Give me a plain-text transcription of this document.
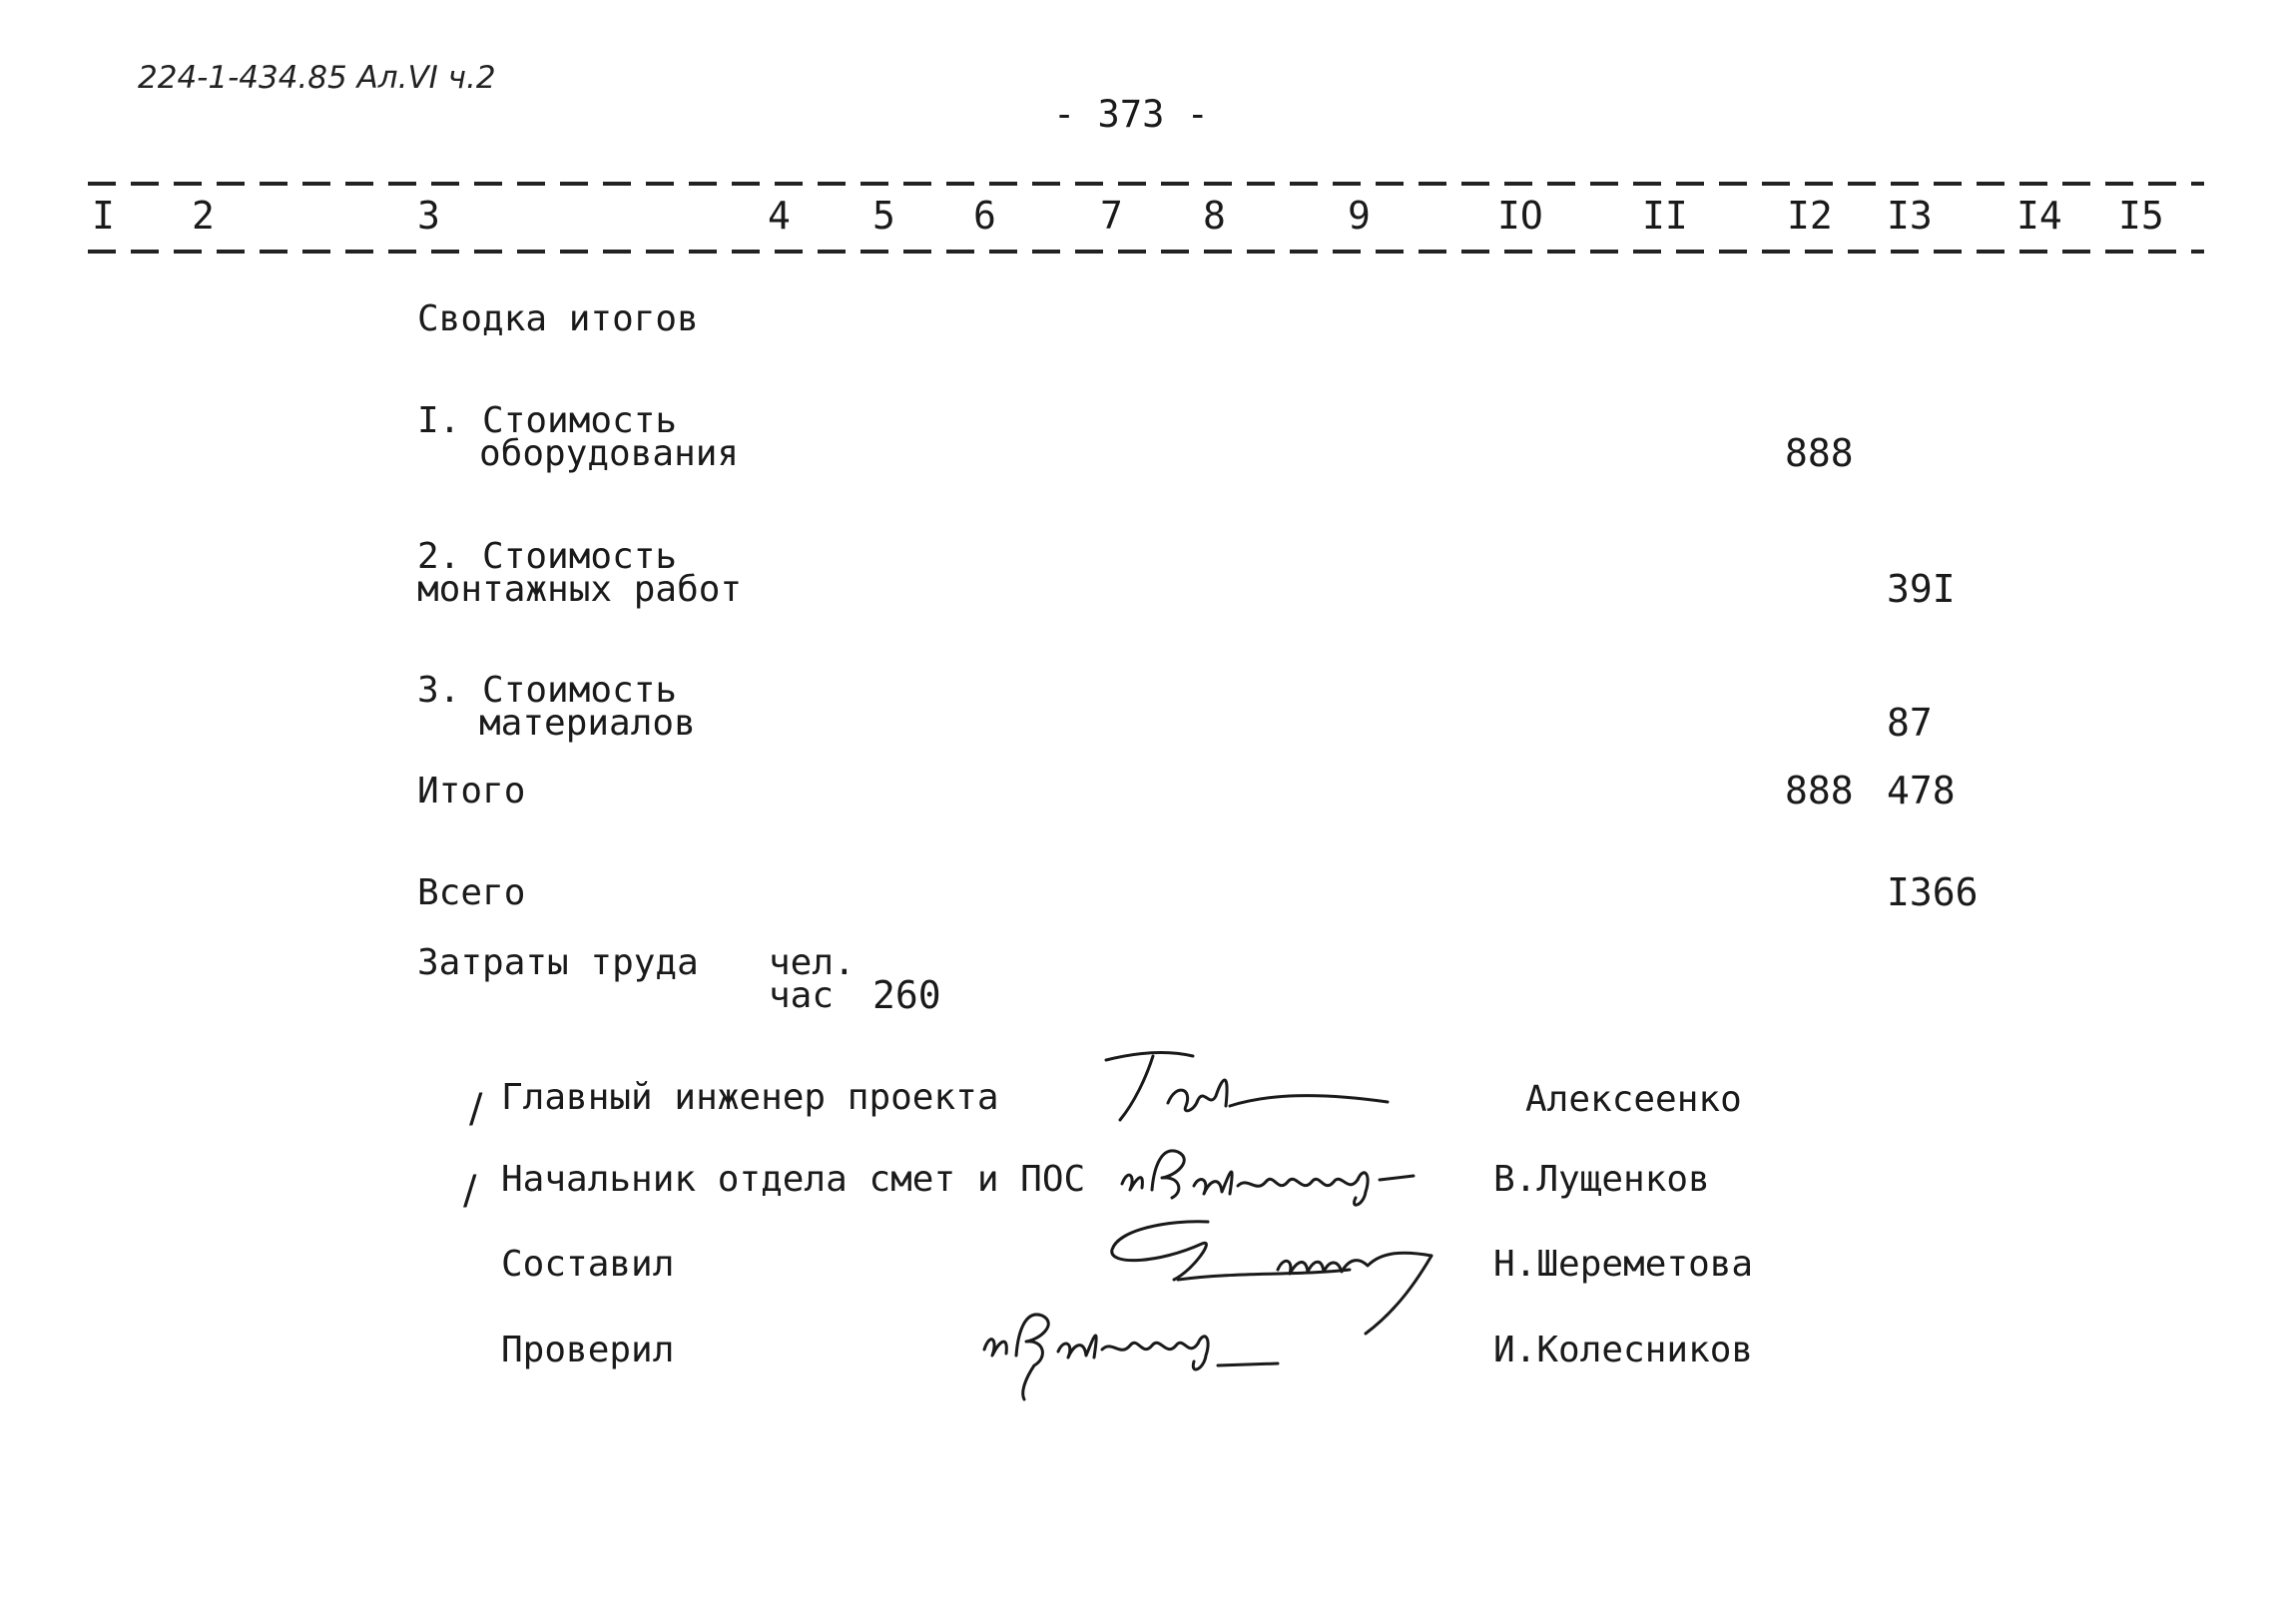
224-1-434.85 Ал.VI ч.2
- 373 -
I 2	3	4 5 6	7 8	9	IO	II	I2 I3 I4 I5
Сводка итогов
I. Стоимость
оборудования	888
2. Стоимость
монтажных работ	39I
3. Стоимость
материалов	87
Итого	888 478
Всего	I366
Затраты труда чел.
час 260
/ Главный инженер проекта	Алексеенко
/ Начальник отдела смет и ПОС	В.Лущенков
Составил	Н.Шереметова
Проверил	И.Колесников
